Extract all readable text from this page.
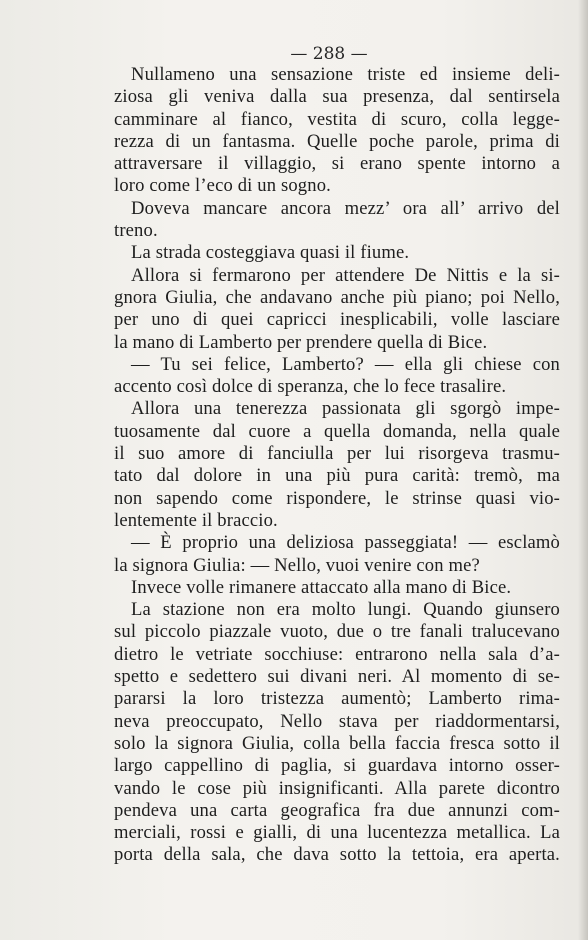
— 288 —
Nullameno una sensazione triste ed insieme deli-
ziosa gli veniva dalla sua presenza, dal sentirsela
camminare al fianco, vestita di scuro, colla legge-
rezza di un fantasma. Quelle poche parole, prima di
attraversare il villaggio, si erano spente intorno a
loro come l’eco di un sogno.
Doveva mancare ancora mezz’ ora all’ arrivo del
treno.
La strada costeggiava quasi il fiume.
Allora si fermarono per attendere De Nittis e la si-
gnora Giulia, che andavano anche più piano; poi Nello,
per uno di quei capricci inesplicabili, volle lasciare
la mano di Lamberto per prendere quella di Bice.
— Tu sei felice, Lamberto? — ella gli chiese con
accento così dolce di speranza, che lo fece trasalire.
Allora una tenerezza passionata gli sgorgò impe-
tuosamente dal cuore a quella domanda, nella quale
il suo amore di fanciulla per lui risorgeva trasmu-
tato dal dolore in una più pura carità: tremò, ma
non sapendo come rispondere, le strinse quasi vio-
lentemente il braccio.
— È proprio una deliziosa passeggiata! — esclamò
la signora Giulia: — Nello, vuoi venire con me?
Invece volle rimanere attaccato alla mano di Bice.
La stazione non era molto lungi. Quando giunsero
sul piccolo piazzale vuoto, due o tre fanali tralucevano
dietro le vetriate socchiuse: entrarono nella sala d’a-
spetto e sedettero sui divani neri. Al momento di se-
pararsi la loro tristezza aumentò; Lamberto rima-
neva preoccupato, Nello stava per riaddormentarsi,
solo la signora Giulia, colla bella faccia fresca sotto il
largo cappellino di paglia, si guardava intorno osser-
vando le cose più insignificanti. Alla parete dicontro
pendeva una carta geografica fra due annunzi com-
merciali, rossi e gialli, di una lucentezza metallica. La
porta della sala, che dava sotto la tettoia, era aperta.
